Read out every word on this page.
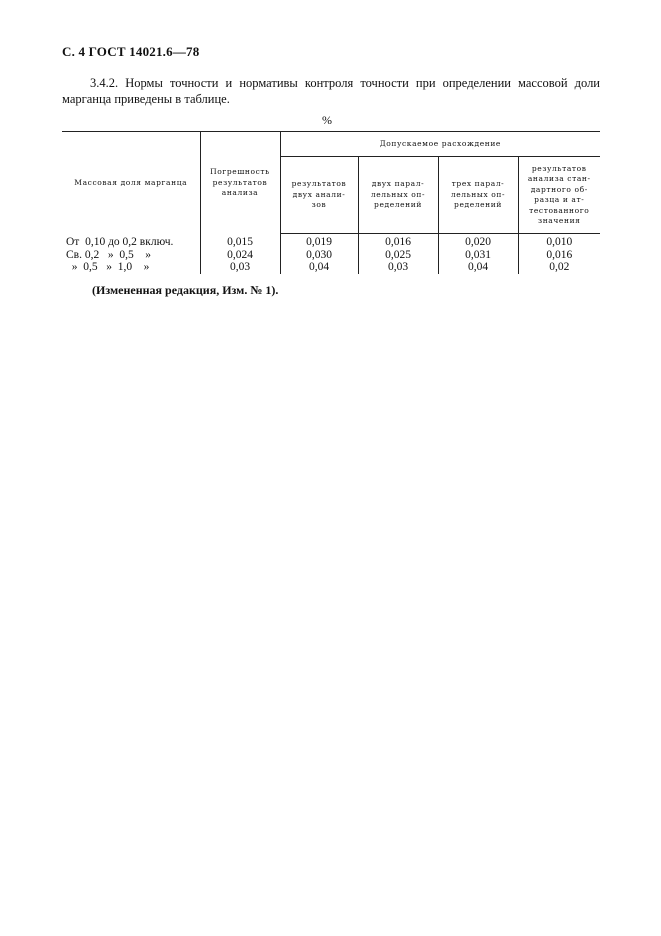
С. 4 ГОСТ 14021.6—78
3.4.2. Нормы точности и нормативы контроля точности при определении массовой доли марганца приведены в таблице.
%
Массовая доля марганца	Погрешность результатов анализа	Допускаемое расхождение			
		результатов двух анали-зов	двух парал-лельных оп-ределений	трех парал-лельных оп-ределений	результатов анализа стан-дартного об-разца и ат-тестованного значения
От  0,10 до 0,2 включ.	0,015	0,019	0,016	0,020	0,010
Св. 0,2   »  0,5    »	0,024	0,030	0,025	0,031	0,016
»  0,5   »  1,0    »	0,03	0,04	0,03	0,04	0,02
(Измененная редакция, Изм. № 1).
